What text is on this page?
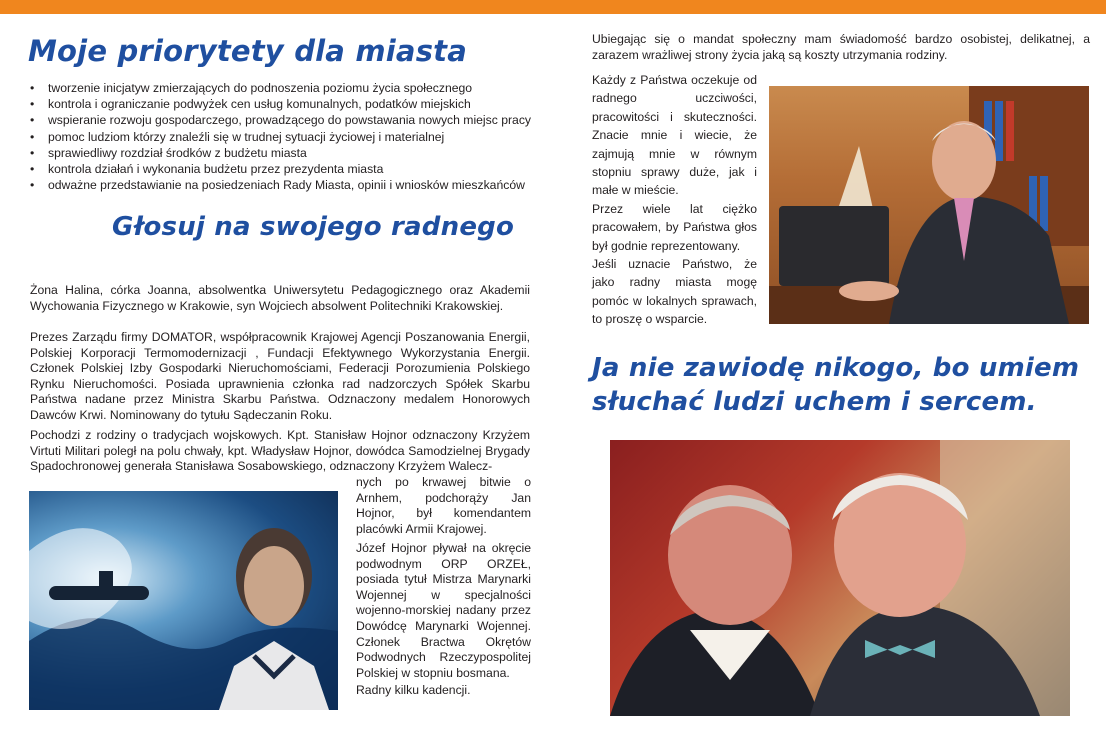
Moje priorytety dla miasta
• tworzenie inicjatyw zmierzających do podnoszenia poziomu życia społecznego
• kontrola i ograniczanie podwyżek cen usług komunalnych, podatków miejskich
• wspieranie rozwoju gospodarczego, prowadzącego do powstawania nowych miejsc pracy
• pomoc ludziom którzy znaleźli się w trudnej sytuacji życiowej i materialnej
• sprawiedliwy rozdział środków z budżetu miasta
• kontrola działań i wykonania budżetu przez prezydenta miasta
• odważne przedstawianie na posiedzeniach Rady Miasta, opinii i wniosków mieszkańców
Głosuj na swojego radnego

Żona Halina, córka Joanna, absolwentka Uniwersytetu Pedagogicznego oraz Akademii Wychowania Fizycznego w Krakowie, syn Wojciech absolwent Politechniki Krakowskiej.

Prezes Zarządu firmy DOMATOR, współpracownik Krajowej Agencji Poszanowania Energii, Polskiej Korporacji Termomodernizacji , Fundacji Efektywnego Wykorzystania Energii. Członek Polskiej Izby Gospodarki Nieruchomościami, Federacji Porozumienia Polskiego Rynku Nieruchomości. Posiada uprawnienia członka rad nadzorczych Spółek Skarbu Państwa nadane przez Ministra Skarbu Państwa. Odznaczony medalem Honorowych Dawców Krwi. Nominowany do tytułu Sądeczanin Roku.

Pochodzi z rodziny o tradycjach wojskowych. Kpt. Stanisław Hojnor odznaczony Krzyżem Virtuti Militari poległ na polu chwały, kpt. Władysław Hojnor, dowódca Samodzielnej Brygady Spadochronowej generała Stanisława Sosabowskiego, odznaczony Krzyżem Walecz-

nych po krwawej bitwie o Arnhem, podchorąży Jan Hojnor, był komendantem placówki Armii Krajowej.

Józef Hojnor pływał na okręcie podwodnym ORP ORZEŁ, posiada tytuł Mistrza Marynarki Wojennej w specjalności wojenno-morskiej nadany przez Dowódcę Marynarki Wojennej. Członek Bractwa Okrętów Podwodnych Rzeczypospolitej Polskiej w stopniu bosmana.

Radny kilku kadencji.

Ubiegając się o mandat społeczny mam świadomość bardzo osobistej, delikatnej, a zarazem wrażliwej strony życia jaką są koszty utrzymania rodziny.

Każdy z Państwa oczekuje od radnego uczciwości, pracowitości i skuteczności. Znacie mnie i wiecie, że zajmują mnie w równym stopniu sprawy duże, jak i małe w mieście.

Przez wiele lat ciężko pracowałem, by Państwa głos był godnie reprezentowany.

Jeśli uznacie Państwo, że jako radny miasta mogę pomóc w lokalnych sprawach, to proszę o wsparcie.

Ja nie zawiodę nikogo, bo umiem słuchać ludzi uchem i sercem.
